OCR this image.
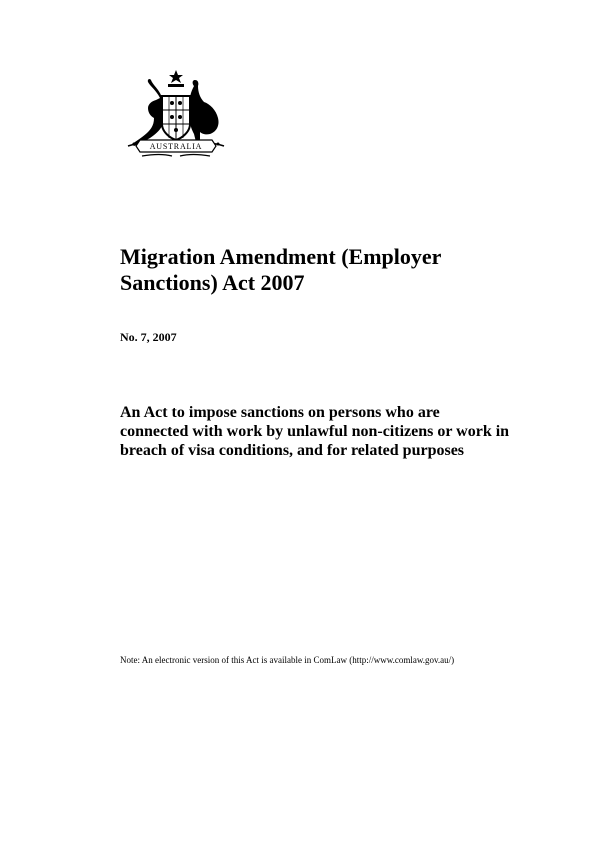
AUSTRALIA
Migration Amendment (Employer Sanctions) Act 2007

No. 7, 2007

An Act to impose sanctions on persons who are connected with work by unlawful non-citizens or work in breach of visa conditions, and for related purposes

Note: An electronic version of this Act is available in ComLaw (http://www.comlaw.gov.au/)
